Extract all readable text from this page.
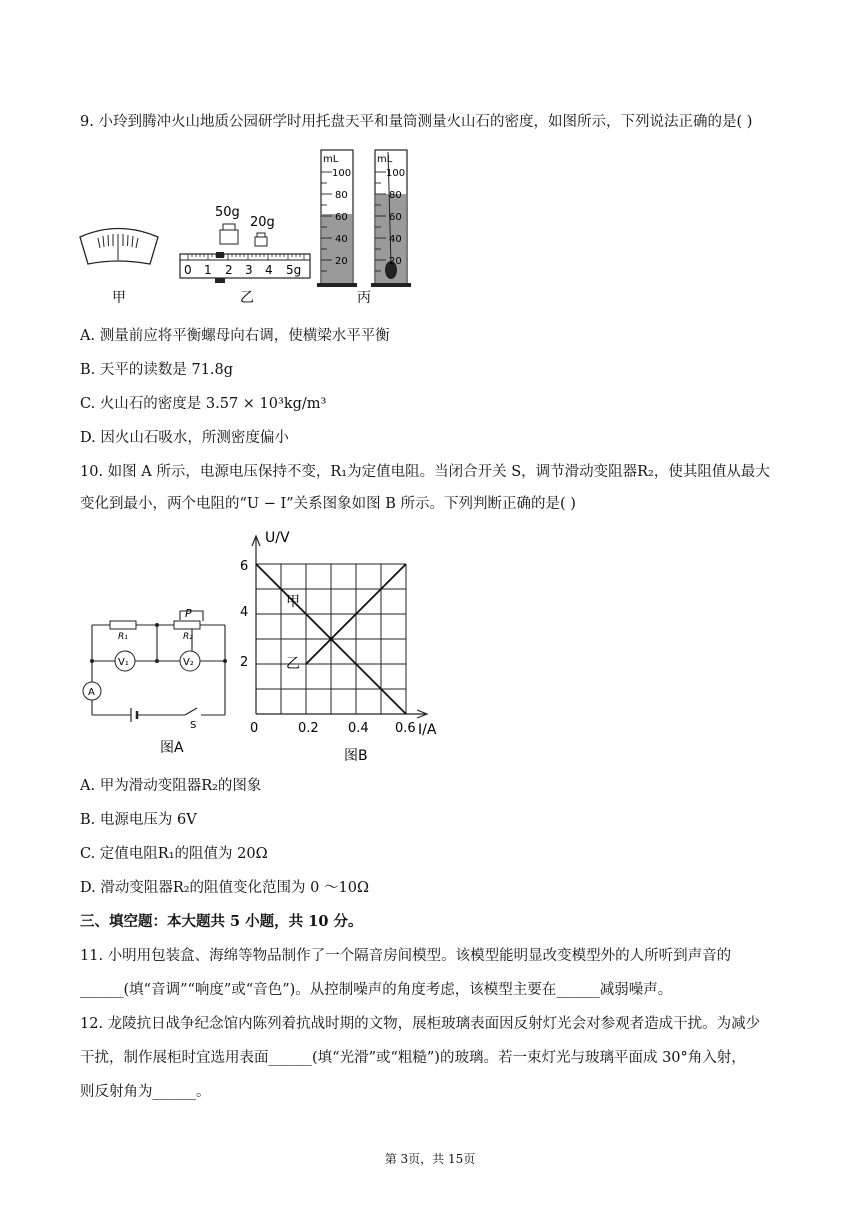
9. 小玲到腾冲火山地质公园研学时用托盘天平和量筒测量火山石的密度，如图所示，下列说法正确的是( )
甲
50g
20g
0 1 2 3 4 5g
乙
mL
100
80
60
40
20
mL
100
80
60
40
20
丙
A. 测量前应将平衡螺母向右调，使横梁水平平衡
B. 天平的读数是 71.8g
C. 火山石的密度是 3.57 × 10³kg/m³
D. 因火山石吸水，所测密度偏小
10. 如图 A 所示，电源电压保持不变，R₁为定值电阻。当闭合开关 S，调节滑动变阻器R₂，使其阻值从最大
变化到最小，两个电阻的“U − I”关系图象如图 B 所示。下列判断正确的是( )
R₁	R₂
P
V₁	V₂
A
S
图A
U/V
I/A
6
4
2
0	0.2 0.4 0.6
甲
乙
图B
A. 甲为滑动变阻器R₂的图象
B. 电源电压为 6V
C. 定值电阻R₁的阻值为 20Ω
D. 滑动变阻器R₂的阻值变化范围为 0 ～10Ω
三、填空题：本大题共 5 小题，共 10 分。
11. 小明用包装盒、海绵等物品制作了一个隔音房间模型。该模型能明显改变模型外的人所听到声音的
______(填“音调”“响度”或“音色”)。从控制噪声的角度考虑，该模型主要在______减弱噪声。
12. 龙陵抗日战争纪念馆内陈列着抗战时期的文物，展柜玻璃表面因反射灯光会对参观者造成干扰。为减少
干扰，制作展柜时宜选用表面______(填“光滑”或“粗糙”)的玻璃。若一束灯光与玻璃平面成 30°角入射，
则反射角为______。
第 3页，共 15页
